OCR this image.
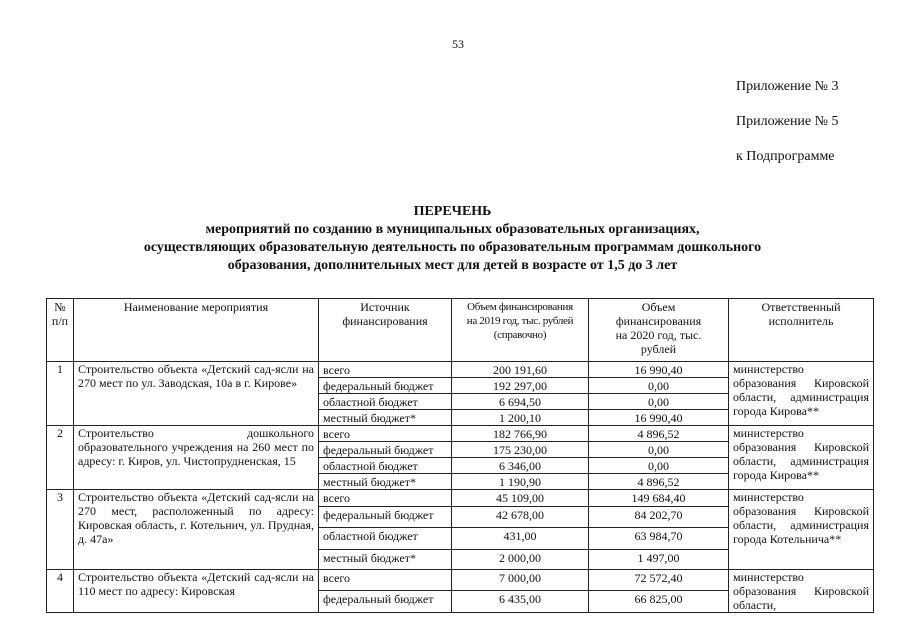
53
Приложение № 3
Приложение № 5
к Подпрограмме
ПЕРЕЧЕНЬ
мероприятий по созданию в муниципальных образовательных организациях,
осуществляющих образовательную деятельность по образовательным программам дошкольного
образования, дополнительных мест для детей в возрасте от 1,5 до 3 лет
№ п/п	Наименование мероприятия	Источник финансирования	Объем финансирования на 2019 год, тыс. рублей (справочно)	Объем финансирования на 2020 год, тыс. рублей	Ответственный исполнитель
1	Строительство объекта «Детский сад-ясли на 270 мест по ул. Заводская, 10а в г. Кирове»	всего	200 191,60	16 990,40	министерство образования Кировской области, администрация города Кирова**
		федеральный бюджет	192 297,00	0,00	
		областной бюджет	6 694,50	0,00	
		местный бюджет*	1 200,10	16 990,40	
2	Строительство дошкольного образовательного учреждения на 260 мест по адресу: г. Киров, ул. Чистопрудненская, 15	всего	182 766,90	4 896,52	министерство образования Кировской области, администрация города Кирова**
		федеральный бюджет	175 230,00	0,00	
		областной бюджет	6 346,00	0,00	
		местный бюджет*	1 190,90	4 896,52	
3	Строительство объекта «Детский сад-ясли на 270 мест, расположенный по адресу: Кировская область, г. Котельнич, ул. Прудная, д. 47а»	всего	45 109,00	149 684,40	министерство образования Кировской области, администрация города Котельнича**
		федеральный бюджет	42 678,00	84 202,70	
		областной бюджет	431,00	63 984,70	
		местный бюджет*	2 000,00	1 497,00	
4	Строительство объекта «Детский сад-ясли на 110 мест по адресу: Кировская	всего	7 000,00	72 572,40	министерство образования Кировской области,
		федеральный бюджет	6 435,00	66 825,00	
